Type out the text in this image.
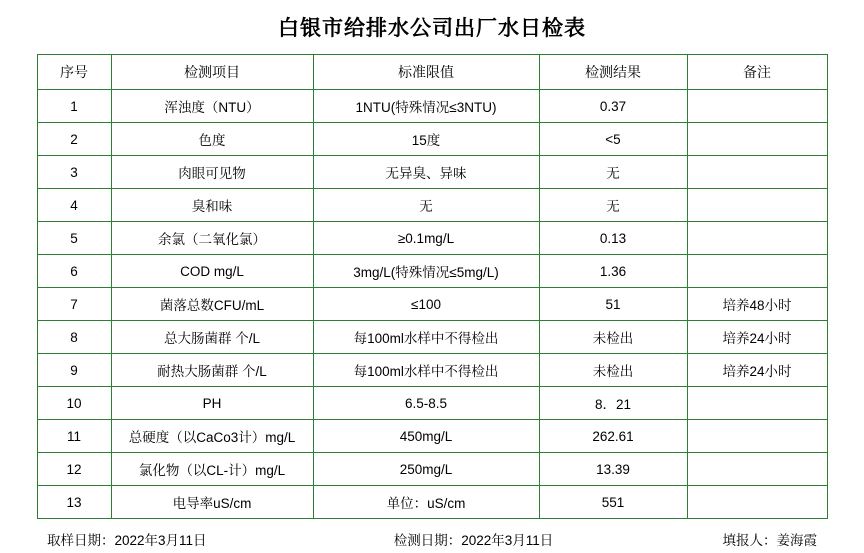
白银市给排水公司出厂水日检表
序号	检测项目	标准限值	检测结果	备注
1	浑浊度（NTU）	1NTU(特殊情况≤3NTU)	0.37	
2	色度	15度	<5	
3	肉眼可见物	无异臭、异味	无	
4	臭和味	无	无	
5	余氯（二氧化氯）	≥0.1mg/L	0.13	
6	COD mg/L	3mg/L(特殊情况≤5mg/L)	1.36	
7	菌落总数CFU/mL	≤100	51	培养48小时
8	总大肠菌群 个/L	每100ml水样中不得检出	未检出	培养24小时
9	耐热大肠菌群 个/L	每100ml水样中不得检出	未检出	培养24小时
10	PH	6.5-8.5	8．21	
11	总硬度（以CaCo3计）mg/L	450mg/L	262.61	
12	氯化物（以CL-计）mg/L	250mg/L	13.39	
13	电导率uS/cm	单位：uS/cm	551	
取样日期：2022年3月11日	检测日期：2022年3月11日	填报人：姜海霞
